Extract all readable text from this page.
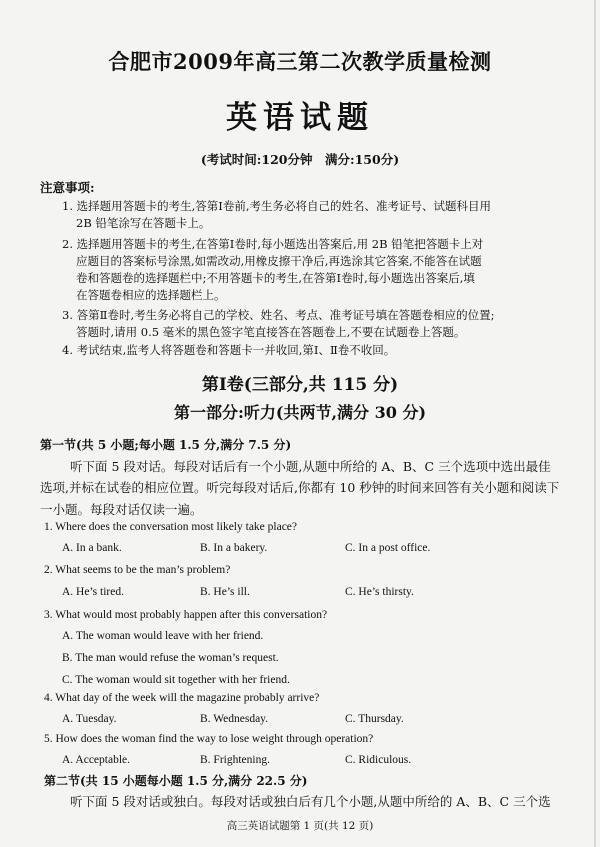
合肥市2009年高三第二次教学质量检测
英语试题
(考试时间:120分钟　满分:150分)
注意事项:
1. 选择题用答题卡的考生,答第Ⅰ卷前,考生务必将自己的姓名、准考证号、试题科目用
2B 铅笔涂写在答题卡上。
2. 选择题用答题卡的考生,在答第Ⅰ卷时,每小题选出答案后,用 2B 铅笔把答题卡上对
应题目的答案标号涂黑,如需改动,用橡皮擦干净后,再选涂其它答案,不能答在试题
卷和答题卷的选择题栏中;不用答题卡的考生,在答第Ⅰ卷时,每小题选出答案后,填
在答题卷相应的选择题栏上。
3. 答第Ⅱ卷时,考生务必将自己的学校、姓名、考点、准考证号填在答题卷相应的位置;
答题时,请用 0.5 毫米的黑色签字笔直接答在答题卷上,不要在试题卷上答题。
4. 考试结束,监考人将答题卷和答题卡一并收回,第Ⅰ、Ⅱ卷不收回。
第Ⅰ卷(三部分,共 115 分)
第一部分:听力(共两节,满分 30 分)
第一节(共 5 小题;每小题 1.5 分,满分 7.5 分)
听下面 5 段对话。每段对话后有一个小题,从题中所给的 A、B、C 三个选项中选出最佳
选项,并标在试卷的相应位置。听完每段对话后,你都有 10 秒钟的时间来回答有关小题和阅读下
一小题。每段对话仅读一遍。
1. Where does the conversation most likely take place?
A. In a bank.	B. In a bakery.	C. In a post office.
2. What seems to be the man’s problem?
A. He’s tired.	B. He’s ill.	C. He’s thirsty.
3. What would most probably happen after this conversation?
A. The woman would leave with her friend.
B. The man would refuse the woman’s request.
C. The woman would sit together with her friend.
4. What day of the week will the magazine probably arrive?
A. Tuesday.	B. Wednesday.	C. Thursday.
5. How does the woman find the way to lose weight through operation?
A. Acceptable.	B. Frightening.	C. Ridiculous.
第二节(共 15 小题每小题 1.5 分,满分 22.5 分)
听下面 5 段对话或独白。每段对话或独白后有几个小题,从题中所给的 A、B、C 三个选
高三英语试题第 1 页(共 12 页)
